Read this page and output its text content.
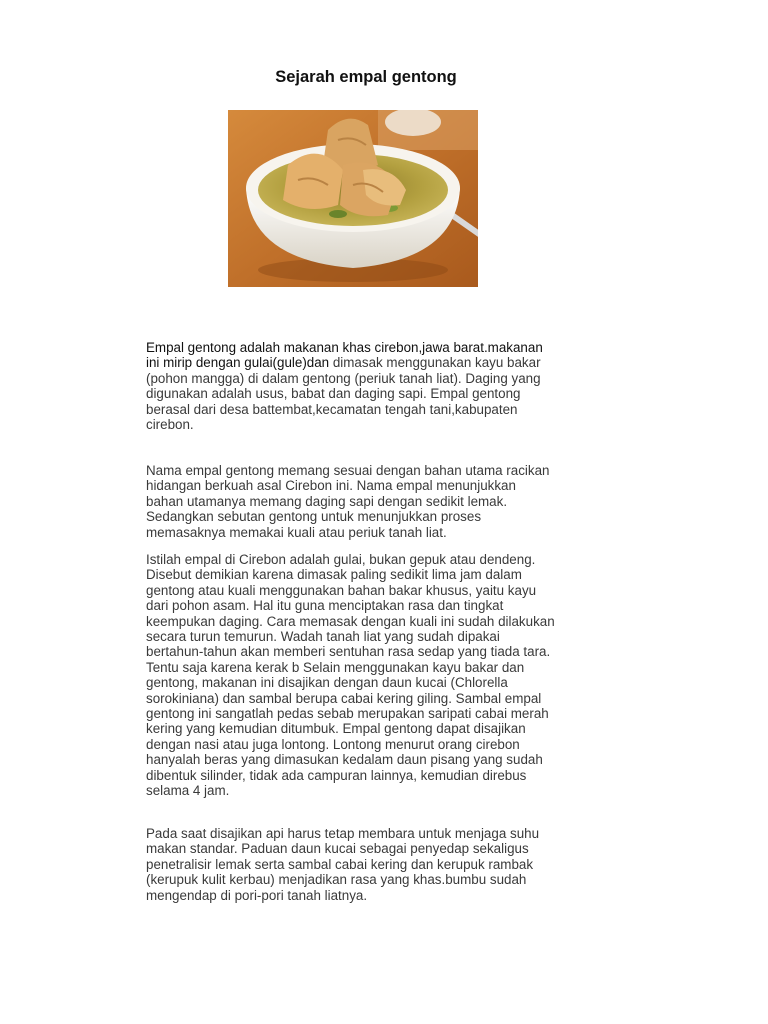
Sejarah empal gentong

Empal gentong adalah makanan khas cirebon,jawa barat.makanan ini mirip dengan gulai(gule)dan dimasak menggunakan kayu bakar (pohon mangga) di dalam gentong (periuk tanah liat). Daging yang digunakan adalah usus, babat dan daging sapi. Empal gentong berasal dari desa battembat,kecamatan tengah tani,kabupaten cirebon.

Nama empal gentong memang sesuai dengan bahan utama racikan hidangan berkuah asal Cirebon ini. Nama empal menunjukkan bahan utamanya memang daging sapi dengan sedikit lemak. Sedangkan sebutan gentong untuk menunjukkan proses memasaknya memakai kuali atau periuk tanah liat.

Istilah empal di Cirebon adalah gulai, bukan gepuk atau dendeng. Disebut demikian karena dimasak paling sedikit lima jam dalam gentong atau kuali menggunakan bahan bakar khusus, yaitu kayu dari pohon asam. Hal itu guna menciptakan rasa dan tingkat keempukan daging. Cara memasak dengan kuali ini sudah dilakukan secara turun temurun. Wadah tanah liat yang sudah dipakai bertahun-tahun akan memberi sentuhan rasa sedap yang tiada tara. Tentu saja karena kerak b Selain menggunakan kayu bakar dan gentong, makanan ini disajikan dengan daun kucai (Chlorella sorokiniana) dan sambal berupa cabai kering giling. Sambal empal gentong ini sangatlah pedas sebab merupakan saripati cabai merah kering yang kemudian ditumbuk. Empal gentong dapat disajikan dengan nasi atau juga lontong. Lontong menurut orang cirebon hanyalah beras yang dimasukan kedalam daun pisang yang sudah dibentuk silinder, tidak ada campuran lainnya, kemudian direbus selama 4 jam.

Pada saat disajikan api harus tetap membara untuk menjaga suhu makan standar. Paduan daun kucai sebagai penyedap sekaligus penetralisir lemak serta sambal cabai kering dan kerupuk rambak (kerupuk kulit kerbau) menjadikan rasa yang khas.bumbu sudah mengendap di pori-pori tanah liatnya.
